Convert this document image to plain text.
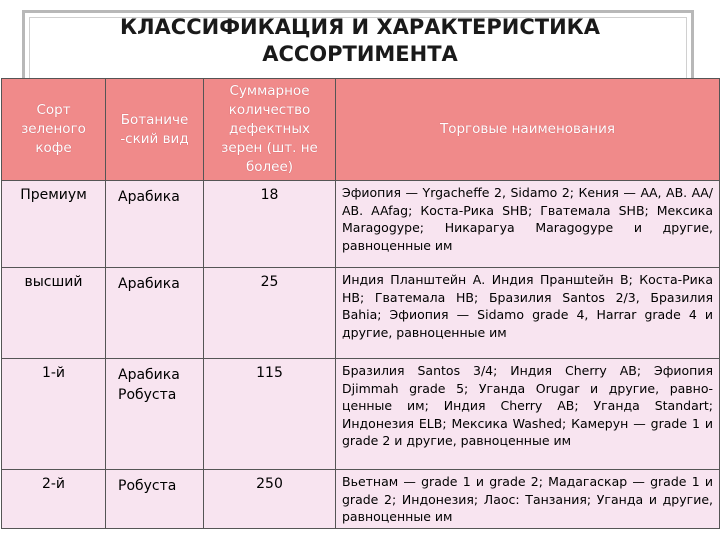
КЛАССИФИКАЦИЯ И ХАРАКТЕРИСТИКА
АССОРТИМЕНТА
Сорт зеленого кофе	Ботаниче -ский вид	Суммарное количество дефектных зерен (шт. не более)	Торговые наименования
Премиум	Арабика	18	Эфиопия — Yrgacheffe 2, Sidamo 2; Кения — АА, АВ. АА/АВ. AAfag; Коста-Рика SHB; Гватемала SHB; Мексика Maragogype; Никарагуа Maragogype и другие, равноценные им
высший	Арабика	25	Индия Планштейн А. Индия Пpаншtейн В; Коста-Рика НВ; Гватемала НВ; Бразилия Santos 2/3, Бразилия Bahia; Эфиопия — Sidamo grade 4, Harrar grade 4 и другие, равноценные им
1-й	Арабика Робуста	115	Бразилия Santos 3/4; Индия Cherry АВ; Эфиопия Djimmah grade 5; Уганда Orugar и другие, равно-ценные им; Индия Cherry АВ; Уганда Standart; Индонезия ELB; Мексика Washed; Камерун — grade 1 и grade 2 и другие, равноценные им
2-й	Робуста	250	Вьетнам — grade 1 и grade 2; Мадагаскар — grade 1 и grade 2; Индонезия; Лаос: Танзания; Уганда и другие, равноценные им
